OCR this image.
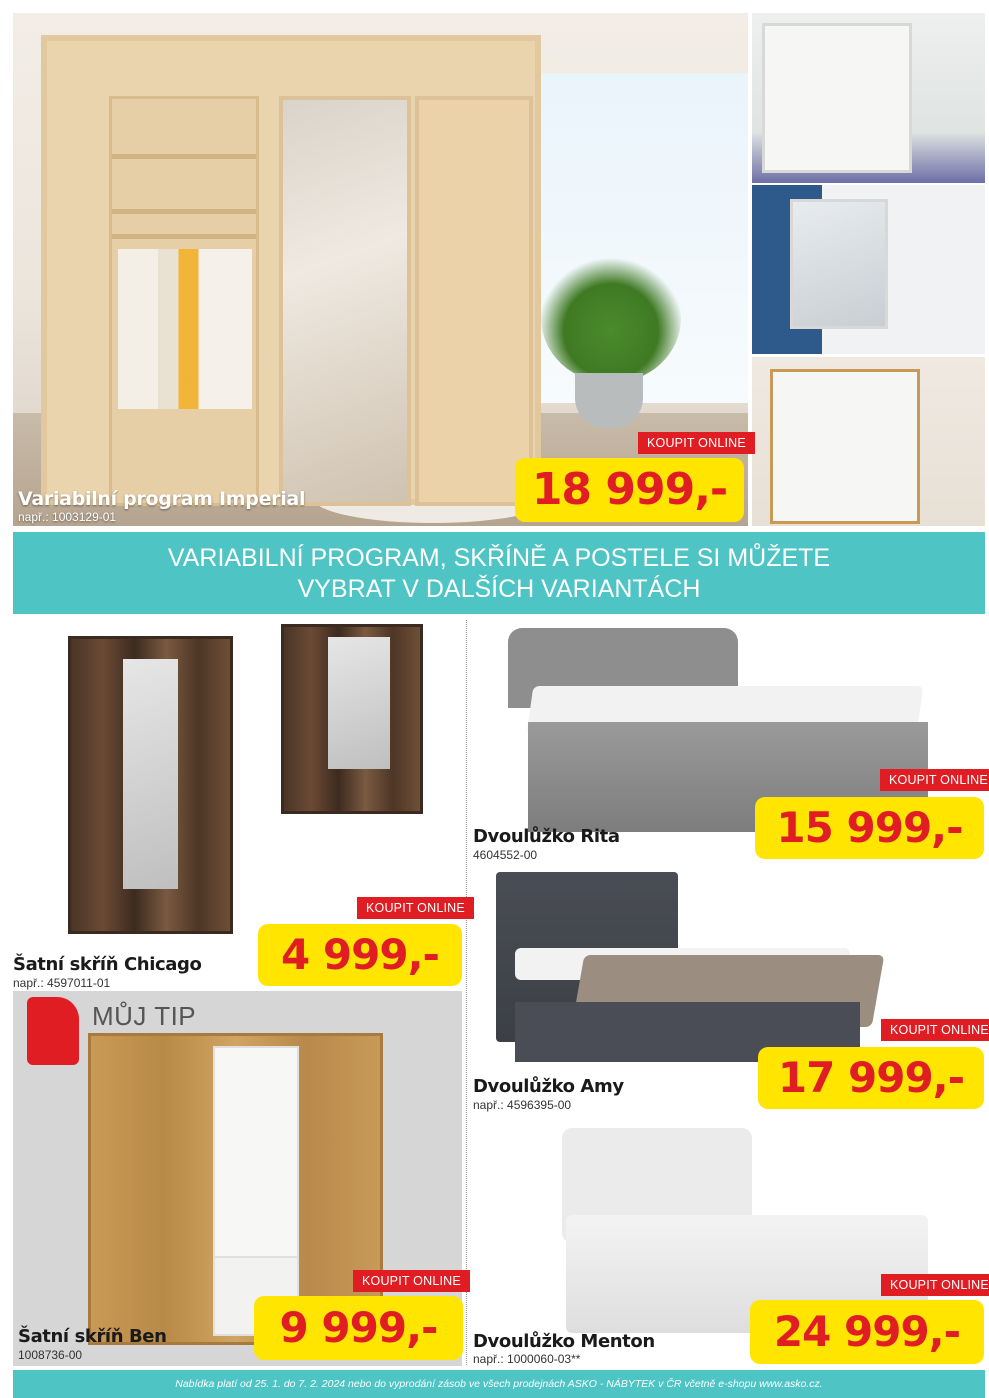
Variabilní program Imperial
např.: 1003129-01
KOUPIT ONLINE
18 999,-
VARIABILNÍ PROGRAM, SKŘÍNĚ A POSTELE SI MŮŽETE
VYBRAT V DALŠÍCH VARIANTÁCH
KOUPIT ONLINE
4 999,-
Šatní skříň Chicago
např.: 4597011-01
MŮJ TIP
KOUPIT ONLINE
9 999,-
Šatní skříň Ben
1008736-00
KOUPIT ONLINE
15 999,-
Dvoulůžko Rita
4604552-00
KOUPIT ONLINE
17 999,-
Dvoulůžko Amy
např.: 4596395-00
KOUPIT ONLINE
24 999,-
Dvoulůžko Menton
např.: 1000060-03**
Nabídka platí od 25. 1. do 7. 2. 2024 nebo do vyprodání zásob ve všech prodejnách ASKO - NÁBYTEK v ČR včetně e-shopu www.asko.cz.
